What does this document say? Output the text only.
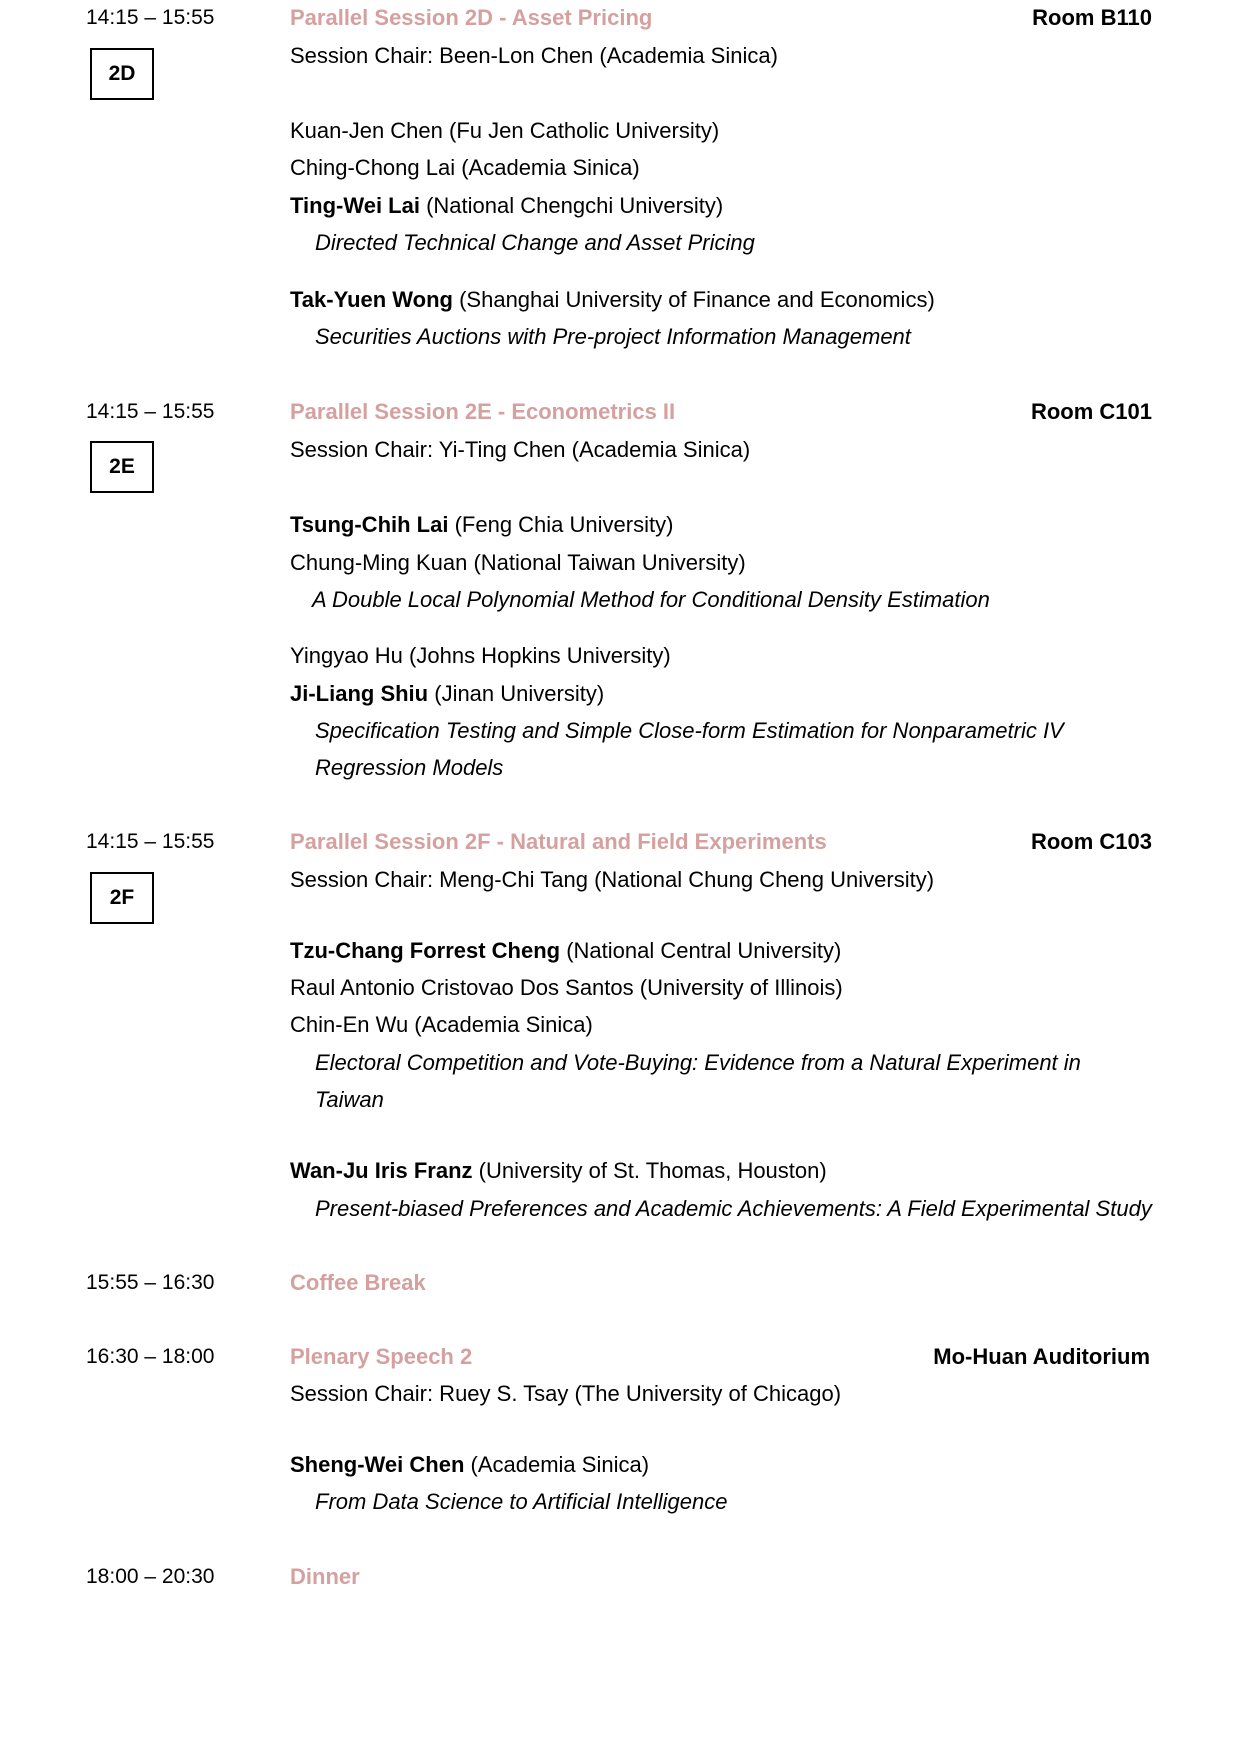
14:15 – 15:55	Parallel Session 2D - Asset Pricing	Room B110
2D
Session Chair: Been-Lon Chen (Academia Sinica)
Kuan-Jen Chen (Fu Jen Catholic University)
Ching-Chong Lai (Academia Sinica)
Ting-Wei Lai (National Chengchi University)
Directed Technical Change and Asset Pricing
Tak-Yuen Wong (Shanghai University of Finance and Economics)
Securities Auctions with Pre-project Information Management
14:15 – 15:55	Parallel Session 2E - Econometrics II	Room C101
2E
Session Chair: Yi-Ting Chen (Academia Sinica)
Tsung-Chih Lai (Feng Chia University)
Chung-Ming Kuan (National Taiwan University)
A Double Local Polynomial Method for Conditional Density Estimation
Yingyao Hu (Johns Hopkins University)
Ji-Liang Shiu (Jinan University)
Specification Testing and Simple Close-form Estimation for Nonparametric IV
Regression Models
14:15 – 15:55	Parallel Session 2F - Natural and Field Experiments	Room C103
2F
Session Chair: Meng-Chi Tang (National Chung Cheng University)
Tzu-Chang Forrest Cheng (National Central University)
Raul Antonio Cristovao Dos Santos (University of Illinois)
Chin-En Wu (Academia Sinica)
Electoral Competition and Vote-Buying: Evidence from a Natural Experiment in
Taiwan
Wan-Ju Iris Franz (University of St. Thomas, Houston)
Present-biased Preferences and Academic Achievements: A Field Experimental Study
15:55 – 16:30	Coffee Break
16:30 – 18:00	Plenary Speech 2	Mo-Huan Auditorium
Session Chair: Ruey S. Tsay (The University of Chicago)
Sheng-Wei Chen (Academia Sinica)
From Data Science to Artificial Intelligence
18:00 – 20:30	Dinner
